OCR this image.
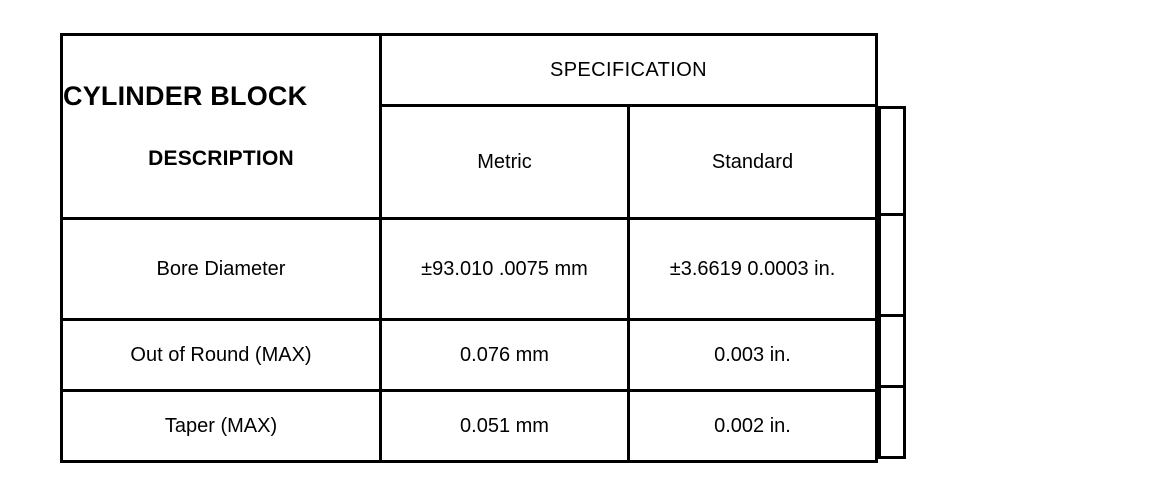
CYLINDER BLOCK
DESCRIPTION	SPECIFICATION	
	Metric	Standard
Bore Diameter	±93.010 .0075 mm	±3.6619 0.0003 in.
Out of Round (MAX)	0.076 mm	0.003 in.
Taper (MAX)	0.051 mm	0.002 in.
